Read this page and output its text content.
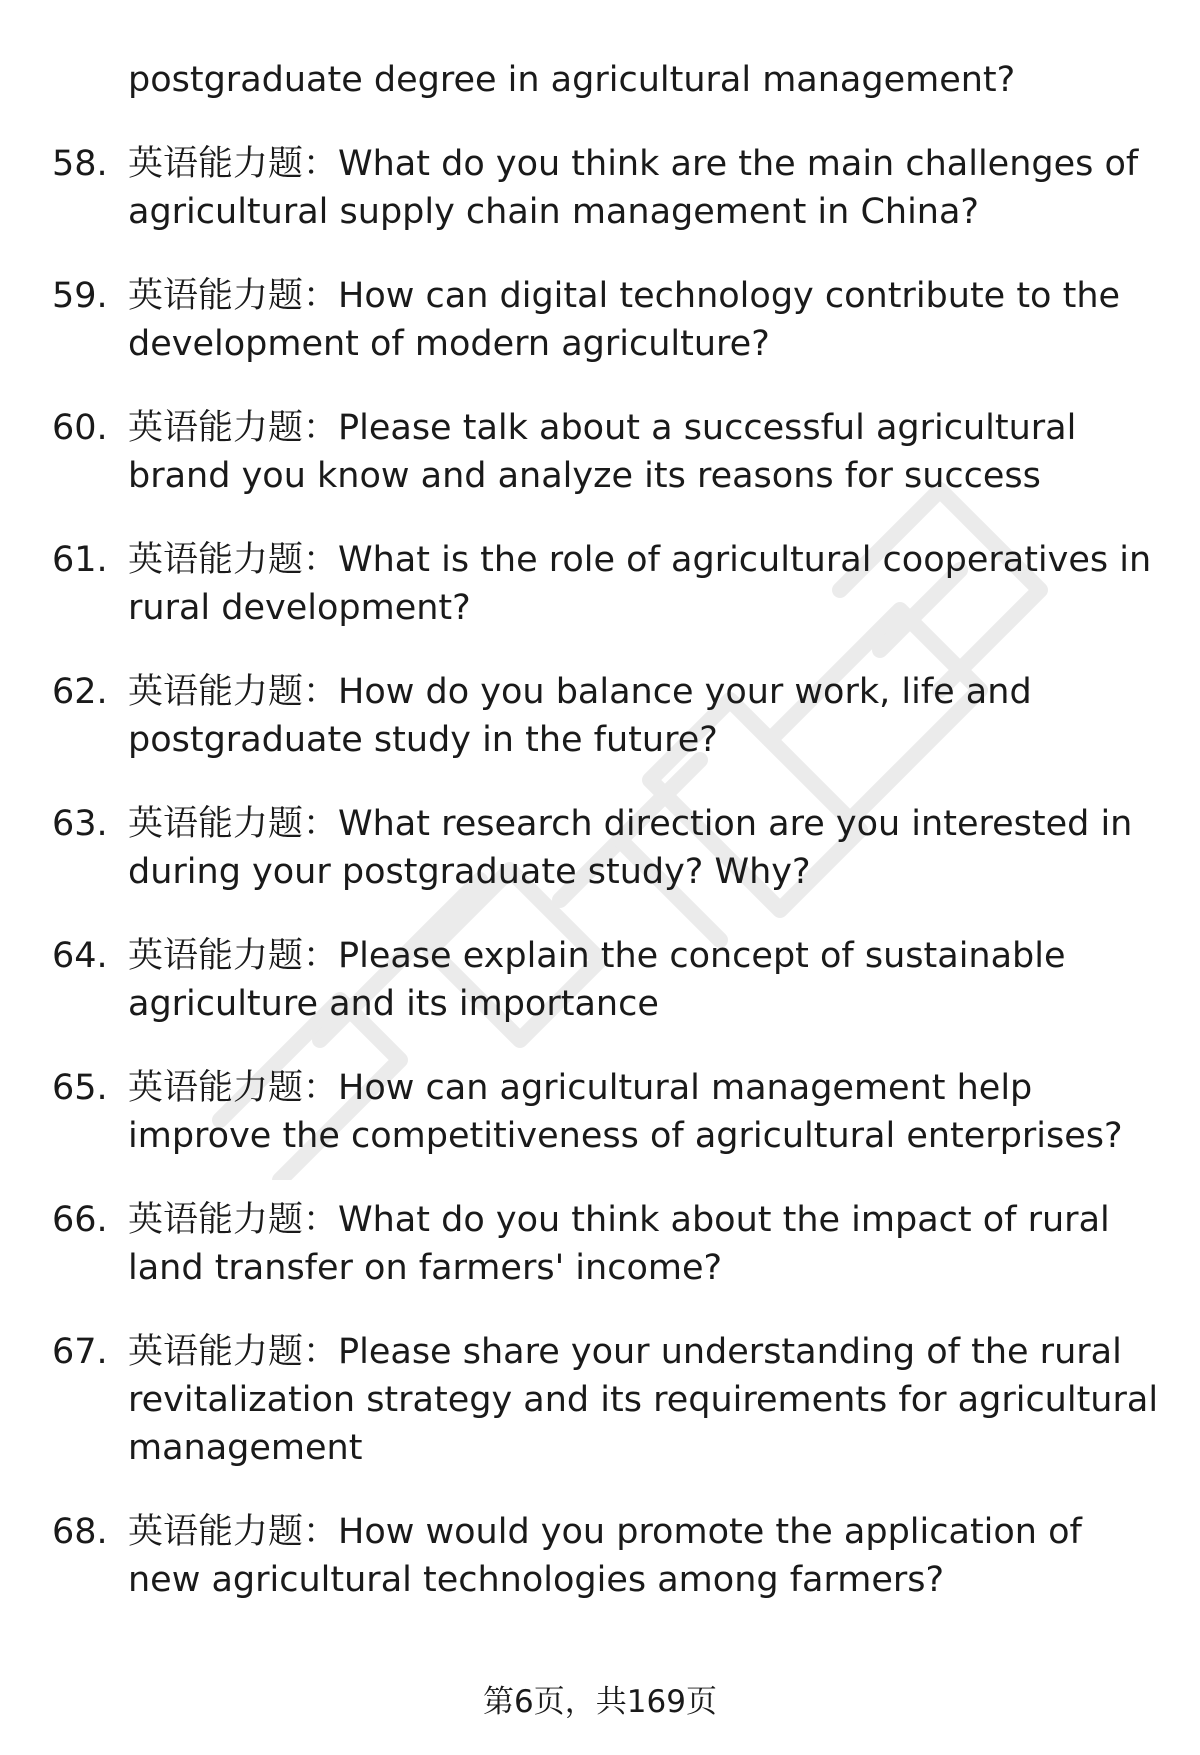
postgraduate degree in agricultural management?
58. 英语能力题：What do you think are the main challenges of agricultural supply chain management in China?
59. 英语能力题：How can digital technology contribute to the development of modern agriculture?
60. 英语能力题：Please talk about a successful agricultural brand you know and analyze its reasons for success
61. 英语能力题：What is the role of agricultural cooperatives in rural development?
62. 英语能力题：How do you balance your work, life and postgraduate study in the future?
63. 英语能力题：What research direction are you interested in during your postgraduate study? Why?
64. 英语能力题：Please explain the concept of sustainable agriculture and its importance
65. 英语能力题：How can agricultural management help improve the competitiveness of agricultural enterprises?
66. 英语能力题：What do you think about the impact of rural land transfer on farmers' income?
67. 英语能力题：Please share your understanding of the rural revitalization strategy and its requirements for agricultural management
68. 英语能力题：How would you promote the application of new agricultural technologies among farmers?
第6页，共169页
